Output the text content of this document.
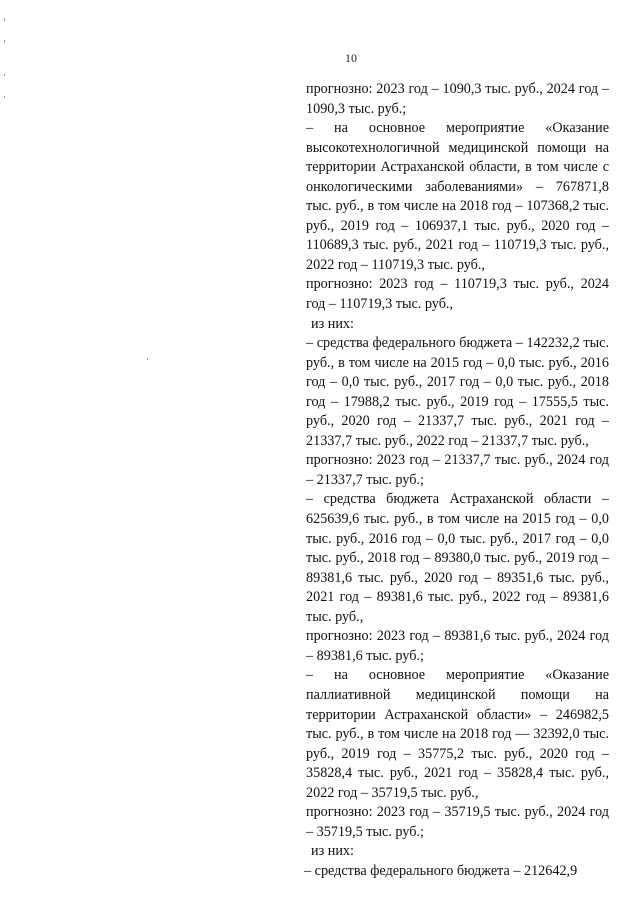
10

прогнозно: 2023 год – 1090,3 тыс. руб., 2024 год – 1090,3 тыс. руб.;

– на основное мероприятие «Оказание высокотехнологичной медицинской помощи на территории Астраханской области, в том числе с онкологическими заболеваниями» – 767871,8 тыс. руб., в том числе на 2018 год – 107368,2 тыс. руб., 2019 год – 106937,1 тыс. руб., 2020 год – 110689,3 тыс. руб., 2021 год – 110719,3 тыс. руб., 2022 год – 110719,3 тыс. руб.,

прогнозно: 2023 год – 110719,3 тыс. руб., 2024 год – 110719,3 тыс. руб.,

из них:

– средства федерального бюджета – 142232,2 тыс. руб., в том числе на 2015 год – 0,0 тыс. руб., 2016 год – 0,0 тыс. руб., 2017 год – 0,0 тыс. руб., 2018 год – 17988,2 тыс. руб., 2019 год – 17555,5 тыс. руб., 2020 год – 21337,7 тыс. руб., 2021 год – 21337,7 тыс. руб., 2022 год – 21337,7 тыс. руб.,

прогнозно: 2023 год – 21337,7 тыс. руб., 2024 год – 21337,7 тыс. руб.;

– средства бюджета Астраханской области – 625639,6 тыс. руб., в том числе на 2015 год – 0,0 тыс. руб., 2016 год – 0,0 тыс. руб., 2017 год – 0,0 тыс. руб., 2018 год – 89380,0 тыс. руб., 2019 год – 89381,6 тыс. руб., 2020 год – 89351,6 тыс. руб., 2021 год – 89381,6 тыс. руб., 2022 год – 89381,6 тыс. руб.,

прогнозно: 2023 год – 89381,6 тыс. руб., 2024 год – 89381,6 тыс. руб.;

– на основное мероприятие «Оказание паллиативной медицинской помощи на территории Астраханской области» – 246982,5 тыс. руб., в том числе на 2018 год — 32392,0 тыс. руб., 2019 год – 35775,2 тыс. руб., 2020 год – 35828,4 тыс. руб., 2021 год – 35828,4 тыс. руб., 2022 год – 35719,5 тыс. руб.,

прогнозно: 2023 год – 35719,5 тыс. руб., 2024 год – 35719,5 тыс. руб.;

из них:

– средства федерального бюджета – 212642,9
